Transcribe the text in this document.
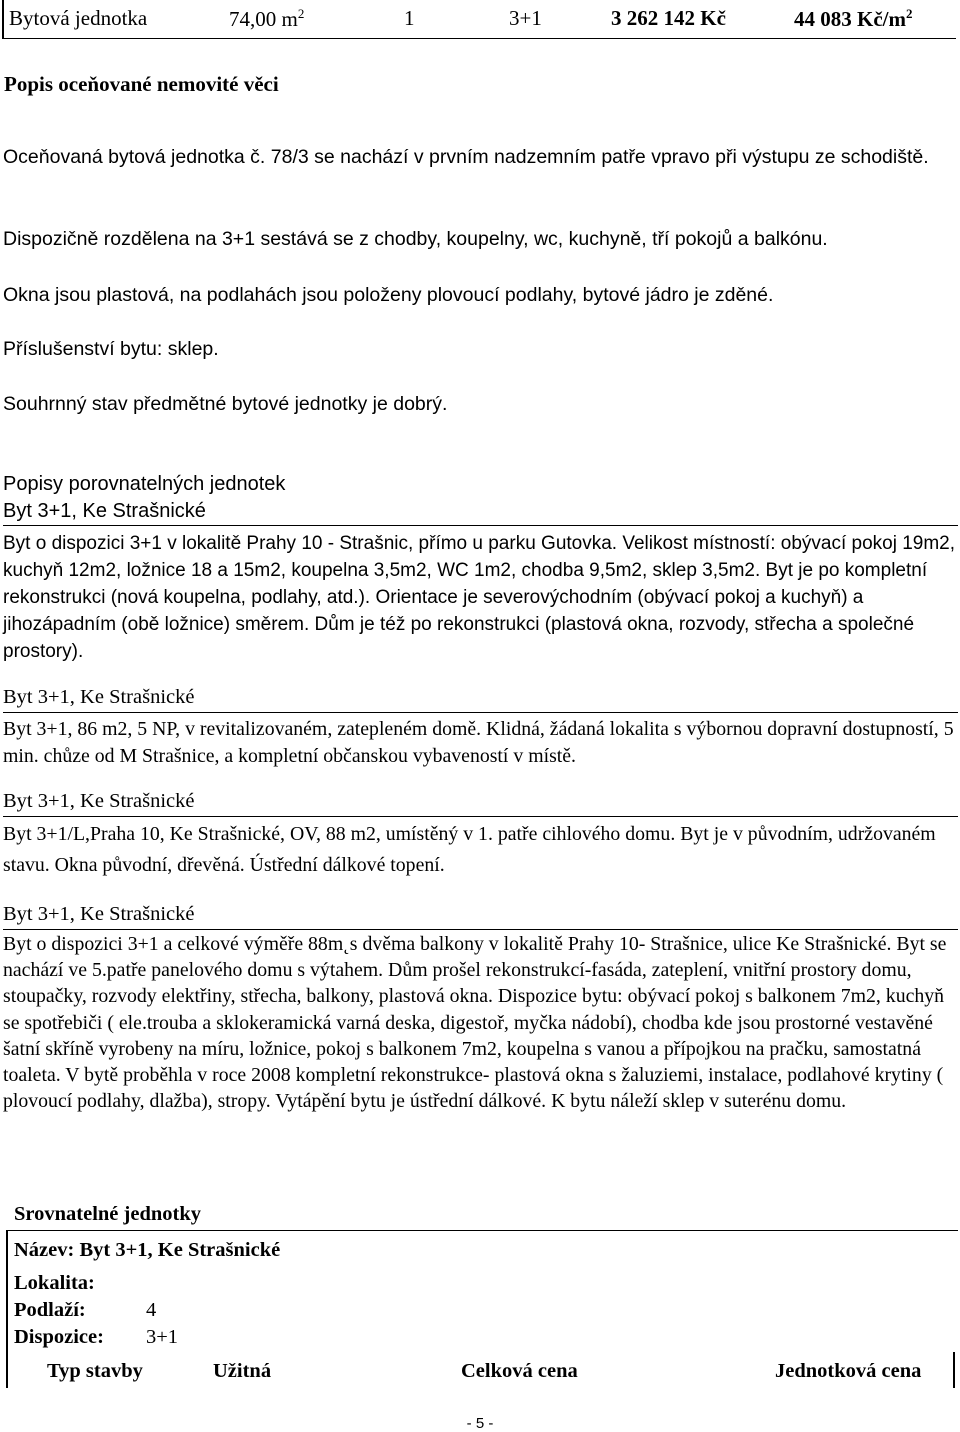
Bytová jednotka	74,00 $m^2$	1	3+1	3 262 142 Kč	44 083 $Kč/m^2$
Popis oceňované nemovité věci

Oceňovaná bytová jednotka č. 78/3 se nachází v prvním nadzemním patře vpravo při výstupu ze schodiště.

Dispozičně rozdělena na 3+1 sestává se z chodby, koupelny, wc, kuchyně, tří pokojů a balkónu.

Okna jsou plastová, na podlahách jsou položeny plovoucí podlahy, bytové jádro je zděné.

Příslušenství bytu: sklep.

Souhrnný stav předmětné bytové jednotky je dobrý.

Popisy porovnatelných jednotek
Byt 3+1, Ke Strašnické

Byt o dispozici 3+1 v lokalitě Prahy 10 - Strašnic, přímo u parku Gutovka. Velikost místností: obývací pokoj 19m2, kuchyň 12m2, ložnice 18 a 15m2, koupelna 3,5m2, WC 1m2, chodba 9,5m2, sklep 3,5m2. Byt je po kompletní rekonstrukci (nová koupelna, podlahy, atd.). Orientace je severovýchodním (obývací pokoj a kuchyň) a jihozápadním (obě ložnice) směrem. Dům je též po rekonstrukci (plastová okna, rozvody, střecha a společné prostory).

Byt 3+1, Ke Strašnické

Byt 3+1, 86 m2, 5 NP, v revitalizovaném, zatepleném domě. Klidná, žádaná lokalita s výbornou dopravní dostupností, 5 min. chůze od M Strašnice, a kompletní občanskou vybaveností v místě.

Byt 3+1, Ke Strašnické

Byt 3+1/L,Praha 10, Ke Strašnické, OV, 88 m2, umístěný v 1. patře cihlového domu. Byt je v původním, udržovaném stavu. Okna původní, dřevěná. Ústřední dálkové topení.

Byt 3+1, Ke Strašnické

Byt o dispozici 3+1 a celkové výměře 88m˛s dvěma balkony v lokalitě Prahy 10- Strašnice, ulice Ke Strašnické. Byt se nachází ve 5.patře panelového domu s výtahem. Dům prošel rekonstrukcí-fasáda, zateplení, vnitřní prostory domu, stoupačky, rozvody elektřiny, střecha, balkony, plastová okna. Dispozice bytu: obývací pokoj s balkonem 7m2, kuchyň se spotřebiči ( ele.trouba a sklokeramická varná deska, digestoř, myčka nádobí), chodba kde jsou prostorné vestavěné šatní skříně vyrobeny na míru, ložnice, pokoj s balkonem 7m2, koupelna s vanou a přípojkou na pračku, samostatná toaleta. V bytě proběhla v roce 2008 kompletní rekonstrukce- plastová okna s žaluziemi, instalace, podlahové krytiny ( plovoucí podlahy, dlažba), stropy. Vytápění bytu je ústřední dálkové. K bytu náleží sklep v suterénu domu.

Srovnatelné jednotky
Název: Byt 3+1, Ke Strašnické
Lokalita:
Podlaží:	4
Dispozice: 3+1
Typ stavby	Užitná	Celková cena	Jednotková cena
- 5 -
